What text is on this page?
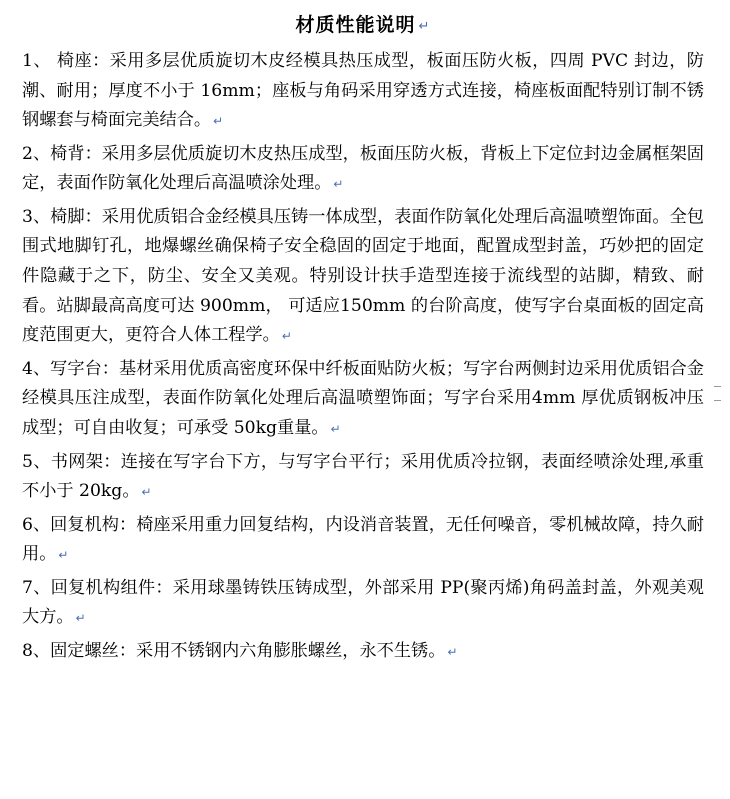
材质性能说明 ↵

1、 椅座：采用多层优质旋切木皮经模具热压成型，板面压防火板，四周 PVC 封边，防潮、耐用；厚度不小于 16mm；座板与角码采用穿透方式连接，椅座板面配特别订制不锈钢螺套与椅面完美结合。 ↵

2、椅背：采用多层优质旋切木皮热压成型，板面压防火板，背板上下定位封边金属框架固定，表面作防氧化处理后高温喷涂处理。 ↵

3、椅脚：采用优质铝合金经模具压铸一体成型，表面作防氧化处理后高温喷塑饰面。全包围式地脚钉孔，地爆螺丝确保椅子安全稳固的固定于地面，配置成型封盖，巧妙把的固定件隐藏于之下，防尘、安全又美观。特别设计扶手造型连接于流线型的站脚，精致、耐看。站脚最高高度可达 900mm， 可适应150mm 的台阶高度，使写字台桌面板的固定高度范围更大，更符合人体工程学。 ↵

4、写字台：基材采用优质高密度环保中纤板面贴防火板；写字台两侧封边采用优质铝合金经模具压注成型，表面作防氧化处理后高温喷塑饰面；写字台采用4mm 厚优质钢板冲压成型；可自由收复；可承受 50kg重量。 ↵

5、书网架：连接在写字台下方，与写字台平行；采用优质冷拉钢，表面经喷涂处理,承重不小于 20kg。 ↵

6、回复机构：椅座采用重力回复结构，内设消音装置，无任何噪音，零机械故障，持久耐用。 ↵

7、回复机构组件：采用球墨铸铁压铸成型，外部采用 PP(聚丙烯)角码盖封盖，外观美观大方。 ↵

8、固定螺丝：采用不锈钢内六角膨胀螺丝，永不生锈。 ↵
